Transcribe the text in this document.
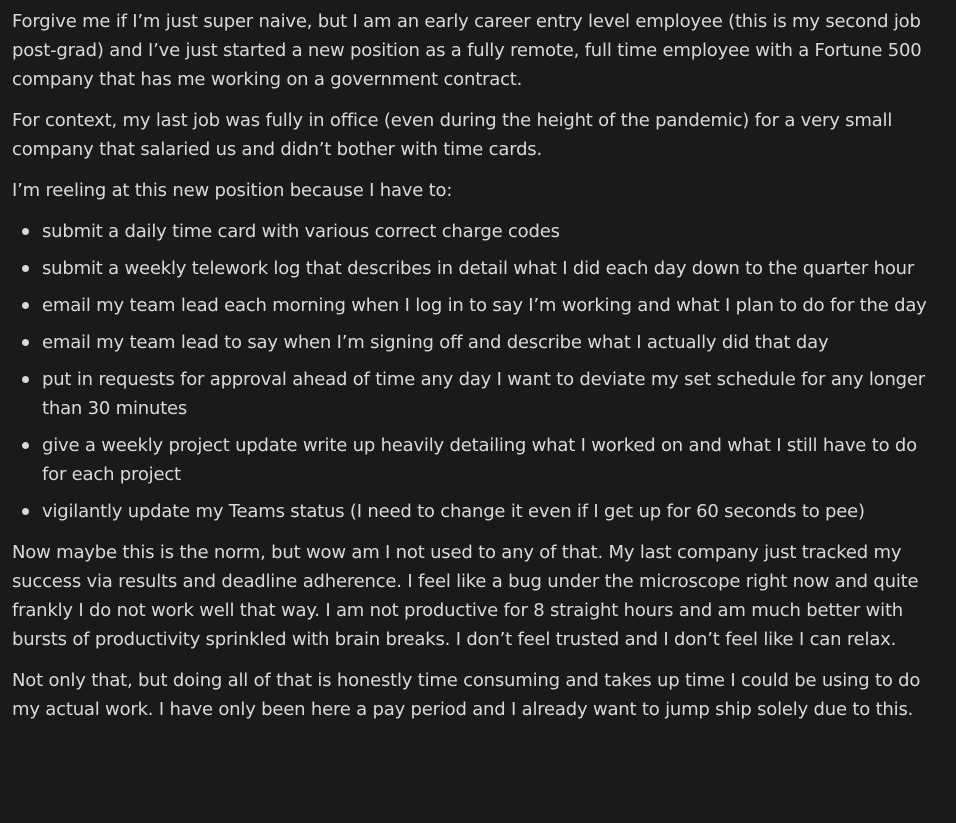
Forgive me if I’m just super naive, but I am an early career entry level employee (this is my second job post-grad) and I’ve just started a new position as a fully remote, full time employee with a Fortune 500 company that has me working on a government contract.

For context, my last job was fully in office (even during the height of the pandemic) for a very small company that salaried us and didn’t bother with time cards.

I’m reeling at this new position because I have to:

submit a daily time card with various correct charge codes
submit a weekly telework log that describes in detail what I did each day down to the quarter hour
email my team lead each morning when I log in to say I’m working and what I plan to do for the day
email my team lead to say when I’m signing off and describe what I actually did that day
put in requests for approval ahead of time any day I want to deviate my set schedule for any longer than 30 minutes
give a weekly project update write up heavily detailing what I worked on and what I still have to do for each project
vigilantly update my Teams status (I need to change it even if I get up for 60 seconds to pee)

Now maybe this is the norm, but wow am I not used to any of that. My last company just tracked my success via results and deadline adherence. I feel like a bug under the microscope right now and quite frankly I do not work well that way. I am not productive for 8 straight hours and am much better with bursts of productivity sprinkled with brain breaks. I don’t feel trusted and I don’t feel like I can relax.

Not only that, but doing all of that is honestly time consuming and takes up time I could be using to do my actual work. I have only been here a pay period and I already want to jump ship solely due to this.
